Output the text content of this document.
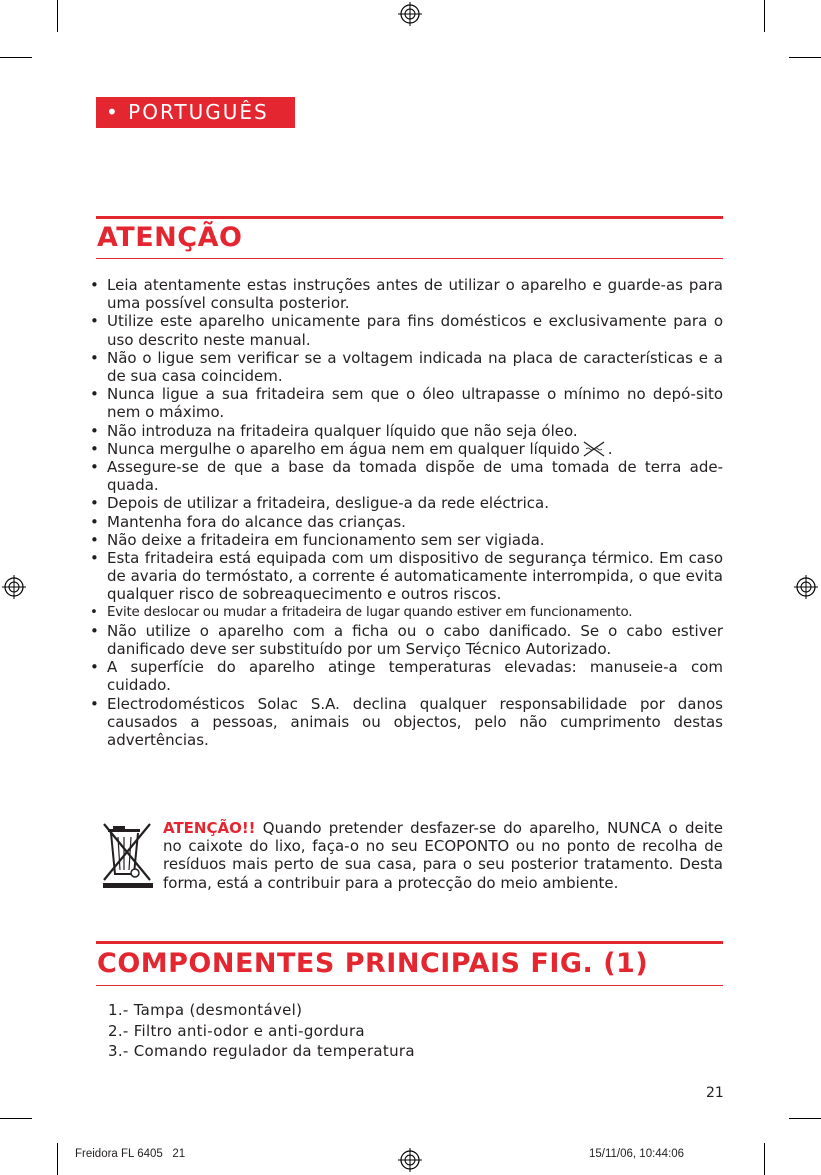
• PORTUGUÊS
ATENÇÃO
• Leia atentamente estas instruções antes de utilizar o aparelho e guarde-as para uma possível consulta posterior.
• Utilize este aparelho unicamente para fins domésticos e exclusivamente para o uso descrito neste manual.
• Não o ligue sem verificar se a voltagem indicada na placa de características e a de sua casa coincidem.
• Nunca ligue a sua fritadeira sem que o óleo ultrapasse o mínimo no depó-sito nem o máximo.
• Não introduza na fritadeira qualquer líquido que não seja óleo.
• Nunca mergulhe o aparelho em água nem em qualquer líquido .
• Assegure-se de que a base da tomada dispõe de uma tomada de terra ade-quada.
• Depois de utilizar a fritadeira, desligue-a da rede eléctrica.
• Mantenha fora do alcance das crianças.
• Não deixe a fritadeira em funcionamento sem ser vigiada.
• Esta fritadeira está equipada com um dispositivo de segurança térmico. Em caso de avaria do termóstato, a corrente é automaticamente interrompida, o que evita qualquer risco de sobreaquecimento e outros riscos.
• Evite deslocar ou mudar a fritadeira de lugar quando estiver em funcionamento.
• Não utilize o aparelho com a ficha ou o cabo danificado. Se o cabo estiver danificado deve ser substituído por um Serviço Técnico Autorizado.
• A superfície do aparelho atinge temperaturas elevadas: manuseie-a com cuidado.
• Electrodomésticos Solac S.A. declina qualquer responsabilidade por danos causados a pessoas, animais ou objectos, pelo não cumprimento destas advertências.

ATENÇÃO!! Quando pretender desfazer-se do aparelho, NUNCA o deite no caixote do lixo, faça-o no seu ECOPONTO ou no ponto de recolha de resíduos mais perto de sua casa, para o seu posterior tratamento. Desta forma, está a contribuir para a protecção do meio ambiente.

COMPONENTES PRINCIPAIS FIG. (1)
1.- Tampa (desmontável)
2.- Filtro anti-odor e anti-gordura
3.- Comando regulador da temperatura
21
Freidora FL 6405   21	15/11/06, 10:44:06
